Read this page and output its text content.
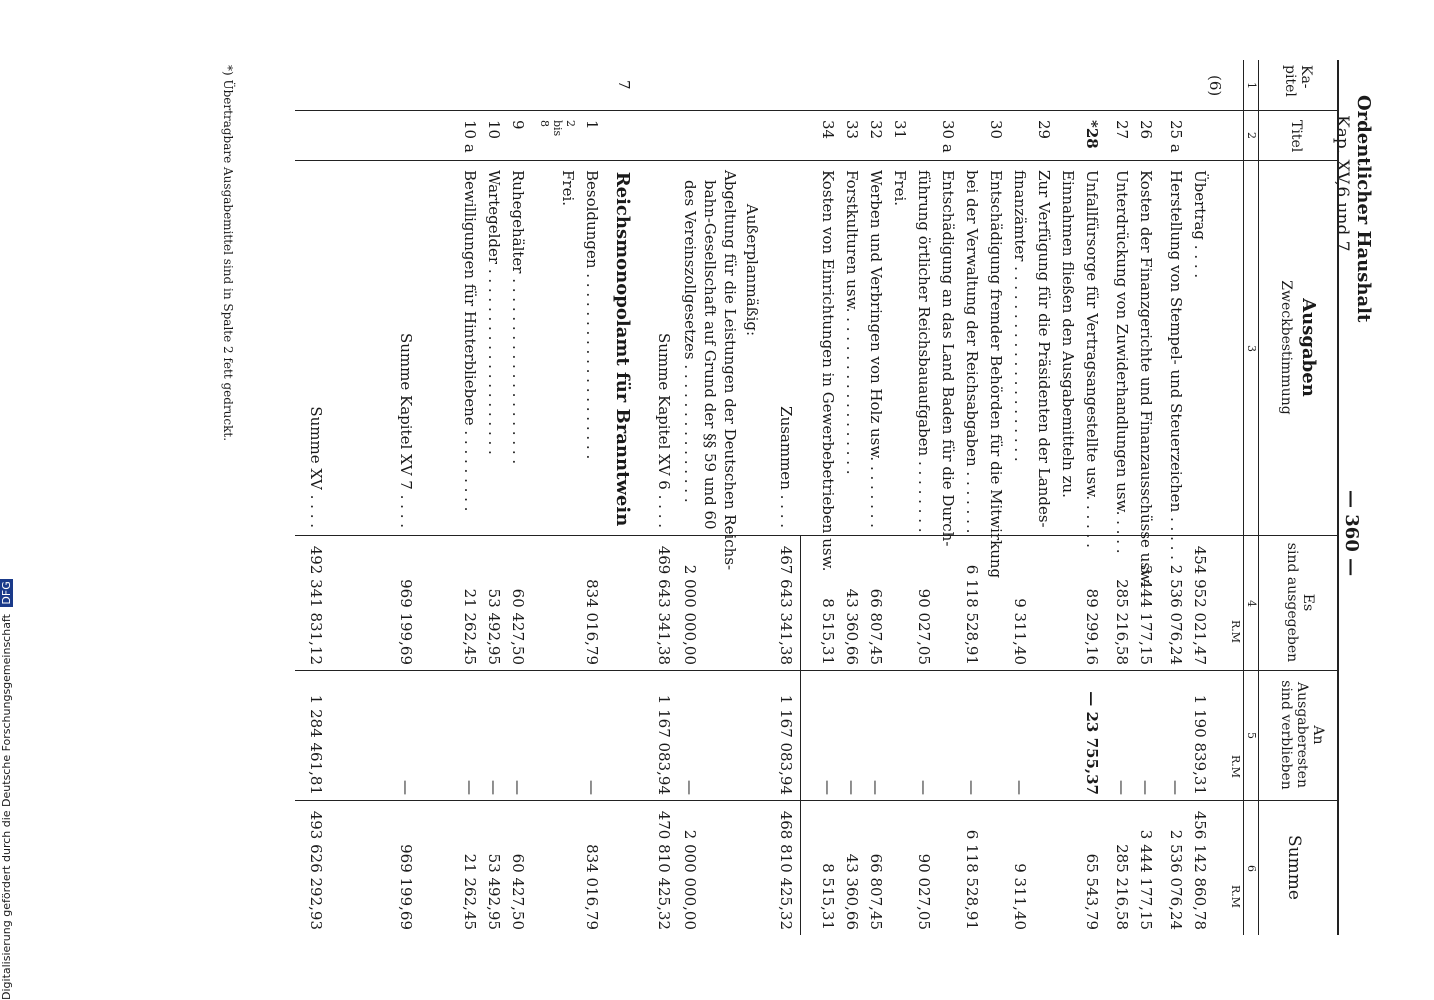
Ordentlicher Haushalt
Kap. XV,6 und 7
— 360 —
Ka-
pitel
Titel
Ausgaben
Zweckbestimmung
Es
sind ausgegeben
An
Ausgaberesten
sind verblieben
Summe
1
2
3
4
5
6
R.M
R.M
R.M
(6)
Übertrag . . . .
454 952 021,47
1 190 839,31
456 142 860,78
25 a
Herstellung von Stempel- und Steuerzeichen . . . . .
2 536 076,24
—
2 536 076,24
26
Kosten der Finanzgerichte und Finanzausschüsse usw.
3 444 177,15
—
3 444 177,15
27
Unterdrückung von Zuwiderhandlungen usw. . . . .
285 216,58
—
285 216,58
*28
Unfallfürsorge für Vertragsangestellte usw. . . . . .
89 299,16
— 23 755,37
65 543,79
Einnahmen fließen den Ausgabemitteln zu.
29
Zur Verfügung für die Präsidenten der Landes-
finanzämter . . . . . . . . . . . . . . . . . . . . .
9 311,40
—
9 311,40
30
Entschädigung fremder Behörden für die Mitwirkung
bei der Verwaltung der Reichsabgaben . . . . . . .
6 118 528,91
—
6 118 528,91
30 a
Entschädigung an das Land Baden für die Durch-
führung örtlicher Reichsbauaufgaben . . . . . . . .
90 027,05
—
90 027,05
31
Frei.
32
Werben und Verbringen von Holz usw. . . . . . . .
66 807,45
—
66 807,45
33
Forstkulturen usw. . . . . . . . . . . . . . . . . .
43 360,66
—
43 360,66
34
Kosten von Einrichtungen in Gewerbebetrieben usw.
8 515,31
—
8 515,31
Zusammen . . . .
467 643 341,38
1 167 083,94
468 810 425,32
Außerplanmäßig:
Abgeltung für die Leistungen der Deutschen Reichs-
bahn-Gesellschaft auf Grund der §§ 59 und 60
des Vereinszollgesetzes . . . . . . . . . . . . . . .
2 000 000,00
—
2 000 000,00
Summe Kapitel XV 6 . . . .
469 643 341,38
1 167 083,94
470 810 425,32
7
Reichsmonopolamt für Branntwein
1
Besoldungen . . . . . . . . . . . . . . . . . . . .
834 016,79
—
834 016,79
2
bis
8
Frei.
9
Ruhegehälter . . . . . . . . . . . . . . . . . . . .
60 427,50
—
60 427,50
10
Wartegelder . . . . . . . . . . . . . . . . . . . .
53 492,95
—
53 492,95
10 a
Bewilligungen für Hinterbliebene . . . . . . . . .
21 262,45
—
21 262,45
Summe Kapitel XV 7 . . . .
969 199,69
—
969 199,69
Summe XV . . . .
492 341 831,12
1 284 461,81
493 626 292,93
*) Übertragbare Ausgabemittel sind in Spalte 2 fett gedruckt.
Digitalisierung gefördert durch die Deutsche Forschungsgemeinschaft DFG
